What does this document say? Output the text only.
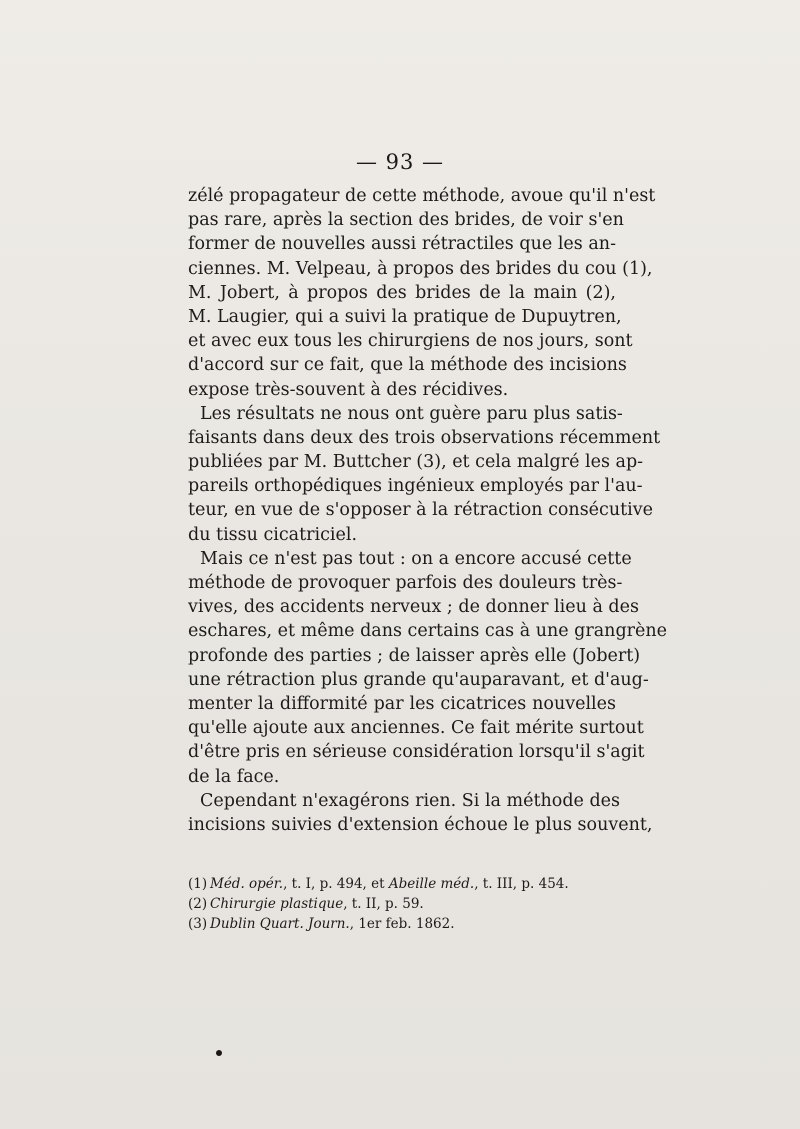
— 93 —
zélé propagateur de cette méthode, avoue qu'il n'est
pas rare, après la section des brides, de voir s'en
former de nouvelles aussi rétractiles que les an-
ciennes. M. Velpeau, à propos des brides du cou (1),
M. Jobert, à propos des brides de la main (2),
M. Laugier, qui a suivi la pratique de Dupuytren,
et avec eux tous les chirurgiens de nos jours, sont
d'accord sur ce fait, que la méthode des incisions
expose très-souvent à des récidives.
Les résultats ne nous ont guère paru plus satis-
faisants dans deux des trois observations récemment
publiées par M. Buttcher (3), et cela malgré les ap-
pareils orthopédiques ingénieux employés par l'au-
teur, en vue de s'opposer à la rétraction consécutive
du tissu cicatriciel.
Mais ce n'est pas tout : on a encore accusé cette
méthode de provoquer parfois des douleurs très-
vives, des accidents nerveux ; de donner lieu à des
eschares, et même dans certains cas à une grangrène
profonde des parties ; de laisser après elle (Jobert)
une rétraction plus grande qu'auparavant, et d'aug-
menter la difformité par les cicatrices nouvelles
qu'elle ajoute aux anciennes. Ce fait mérite surtout
d'être pris en sérieuse considération lorsqu'il s'agit
de la face.
Cependant n'exagérons rien. Si la méthode des
incisions suivies d'extension échoue le plus souvent,
(1) Méd. opér., t. I, p. 494, et Abeille méd., t. III, p. 454.
(2) Chirurgie plastique, t. II, p. 59.
(3) Dublin Quart. Journ., 1er feb. 1862.
